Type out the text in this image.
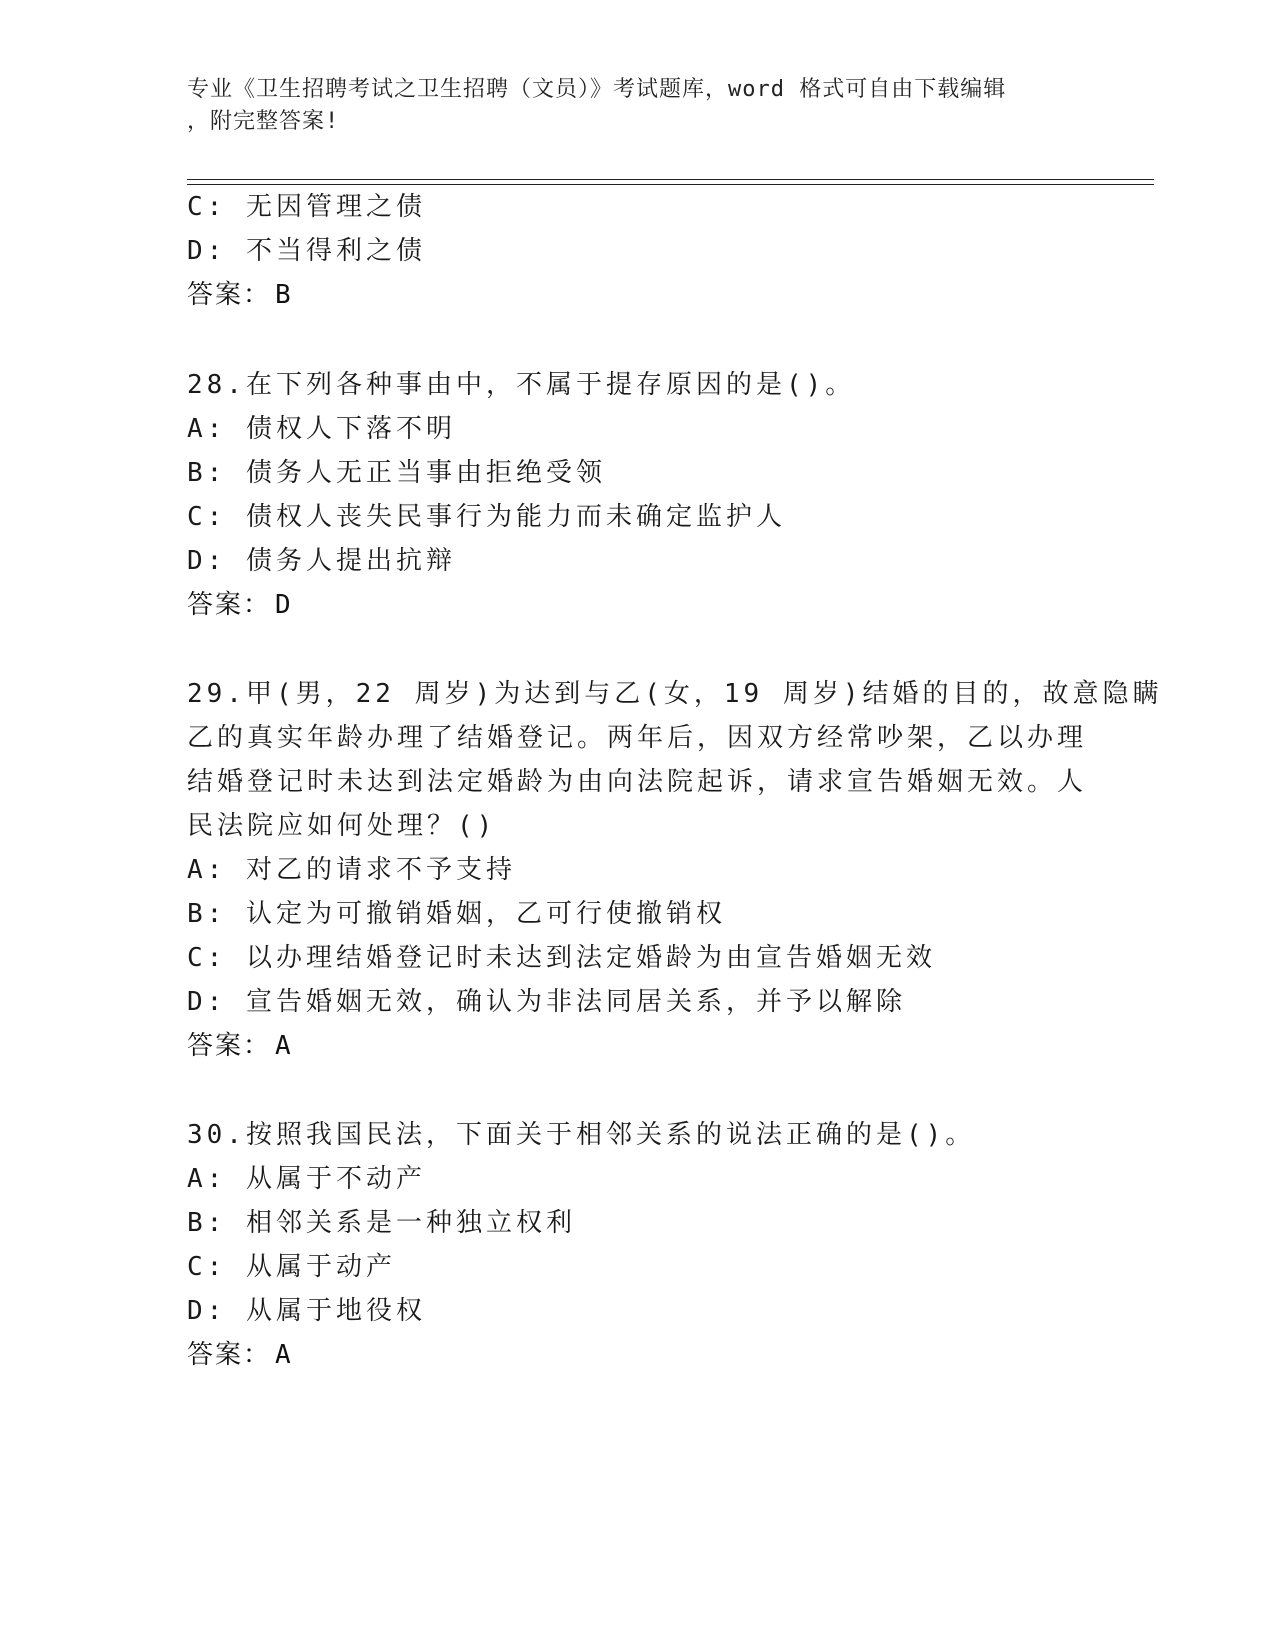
专业《卫生招聘考试之卫生招聘（文员）》考试题库，word 格式可自由下载编辑
，附完整答案!
C: 无因管理之债
D: 不当得利之债
答案： B
28.在下列各种事由中，不属于提存原因的是()。
A: 债权人下落不明
B: 债务人无正当事由拒绝受领
C: 债权人丧失民事行为能力而未确定监护人
D: 债务人提出抗辩
答案： D
29.甲(男，22 周岁)为达到与乙(女，19 周岁)结婚的目的，故意隐瞒
乙的真实年龄办理了结婚登记。两年后，因双方经常吵架，乙以办理
结婚登记时未达到法定婚龄为由向法院起诉，请求宣告婚姻无效。人
民法院应如何处理？()
A: 对乙的请求不予支持
B: 认定为可撤销婚姻，乙可行使撤销权
C: 以办理结婚登记时未达到法定婚龄为由宣告婚姻无效
D: 宣告婚姻无效，确认为非法同居关系，并予以解除
答案： A
30.按照我国民法，下面关于相邻关系的说法正确的是()。
A: 从属于不动产
B: 相邻关系是一种独立权利
C: 从属于动产
D: 从属于地役权
答案： A
